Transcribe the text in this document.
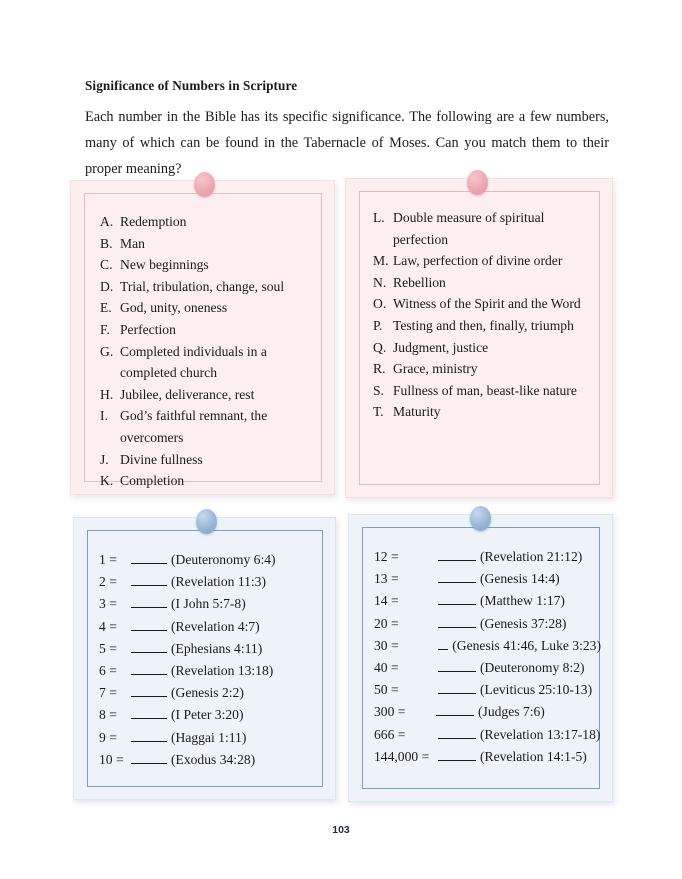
Significance of Numbers in Scripture
Each number in the Bible has its specific significance. The following are a few numbers, many of which can be found in the Tabernacle of Moses. Can you match them to their proper meaning?
A. Redemption
B. Man
C. New beginnings
D. Trial, tribulation, change, soul
E. God, unity, oneness
F. Perfection
G. Completed individuals in a completed church
H. Jubilee, deliverance, rest
I. God’s faithful remnant, the overcomers
J. Divine fullness
K. Completion
L. Double measure of spiritual perfection
M. Law, perfection of divine order
N. Rebellion
O. Witness of the Spirit and the Word
P. Testing and then, finally, triumph
Q. Judgment, justice
R. Grace, ministry
S. Fullness of man, beast-like nature
T. Maturity
1 =	(Deuteronomy 6:4)
2 =	(Revelation 11:3)
3 =	(I John 5:7-8)
4 =	(Revelation 4:7)
5 =	(Ephesians 4:11)
6 =	(Revelation 13:18)
7 =	(Genesis 2:2)
8 =	(I Peter 3:20)
9 =	(Haggai 1:11)
10 =	(Exodus 34:28)
12 =	(Revelation 21:12)
13 =	(Genesis 14:4)
14 =	(Matthew 1:17)
20 =	(Genesis 37:28)
30 =	(Genesis 41:46, Luke 3:23)
40 =	(Deuteronomy 8:2)
50 =	(Leviticus 25:10-13)
300 =	(Judges 7:6)
666 =	(Revelation 13:17-18)
144,000 =	(Revelation 14:1-5)
103
